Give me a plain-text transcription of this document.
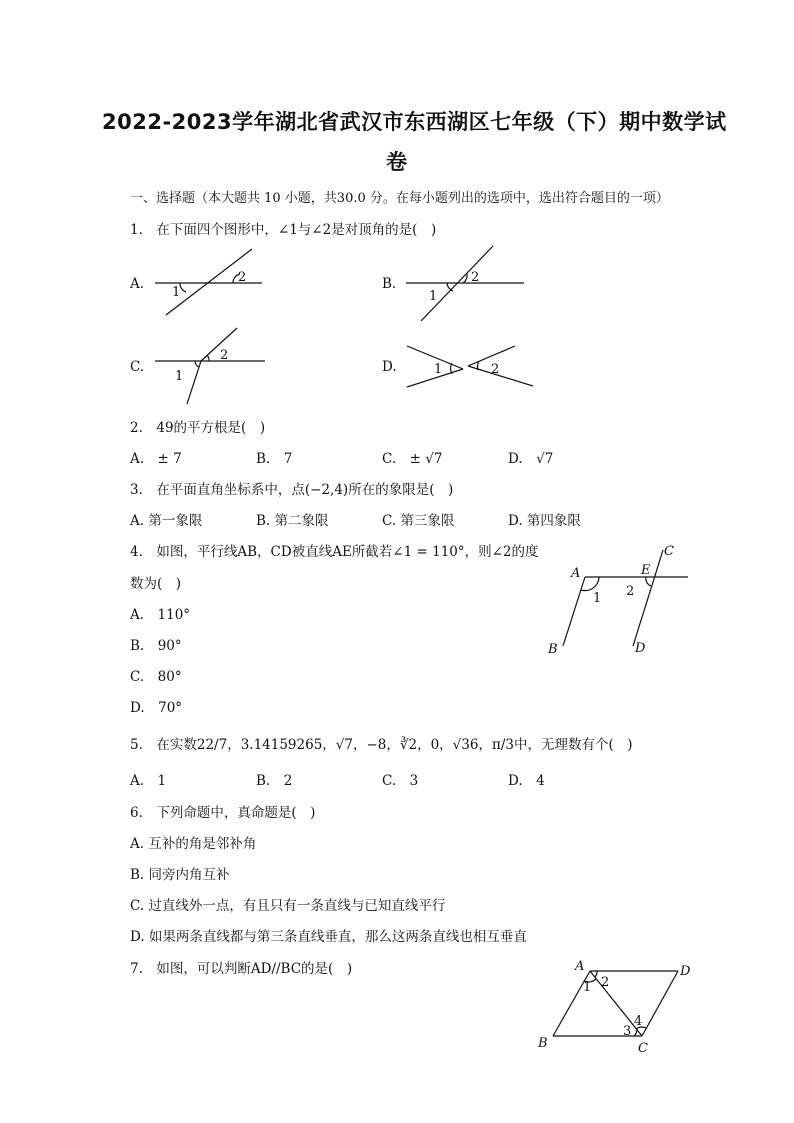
2022-2023学年湖北省武汉市东西湖区七年级（下）期中数学试
卷
一、选择题（本大题共 10 小题，共30.0 分。在每小题列出的选项中，选出符合题目的一项）
1.　在下面四个图形中，∠1与∠2是对顶角的是(　)
A.	B.
C.	D.
1
2
1
2
1
2
1	2
2.　49的平方根是(　)
A.　± 7	B.　7	C.　± √7	D.　√7
3.　在平面直角坐标系中，点(−2,4)所在的象限是(　)
A. 第一象限	B. 第二象限	C. 第三象限	D. 第四象限
4.　如图，平行线AB，CD被直线AE所截若∠1 = 110°，则∠2的度
数为(　)
A.　110°
B.　90°
C.　80°
D.　70°
A	E
C
B	D
1 2
5.　在实数22/7，3.14159265，√7，−8，∛2，0，√36，π/3中，无理数有个(　)
A.　1	B.　2	C.　3	D.　4
6.　下列命题中，真命题是(　)
A. 互补的角是邻补角
B. 同旁内角互补
C. 过直线外一点，有且只有一条直线与已知直线平行
D. 如果两条直线都与第三条直线垂直，那么这两条直线也相互垂直
7.　如图，可以判断AD//BC的是(　)	A	D
B	C
1 2
3
4
